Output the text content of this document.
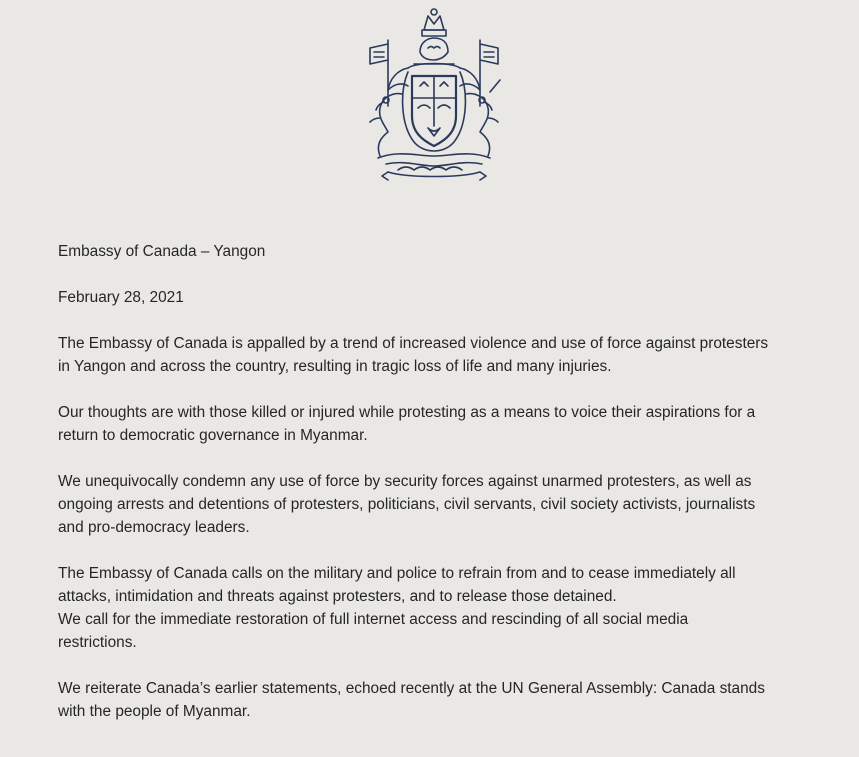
Embassy of Canada – Yangon

February 28, 2021

The Embassy of Canada is appalled by a trend of increased violence and use of force against protesters
in Yangon and across the country, resulting in tragic loss of life and many injuries.

Our thoughts are with those killed or injured while protesting as a means to voice their aspirations for a
return to democratic governance in Myanmar.

We unequivocally condemn any use of force by security forces against unarmed protesters, as well as
ongoing arrests and detentions of protesters, politicians, civil servants, civil society activists, journalists
and pro-democracy leaders.

The Embassy of Canada calls on the military and police to refrain from and to cease immediately all
attacks, intimidation and threats against protesters, and to release those detained.
We call for the immediate restoration of full internet access and rescinding of all social media
restrictions.

We reiterate Canada’s earlier statements, echoed recently at the UN General Assembly: Canada stands
with the people of Myanmar.
